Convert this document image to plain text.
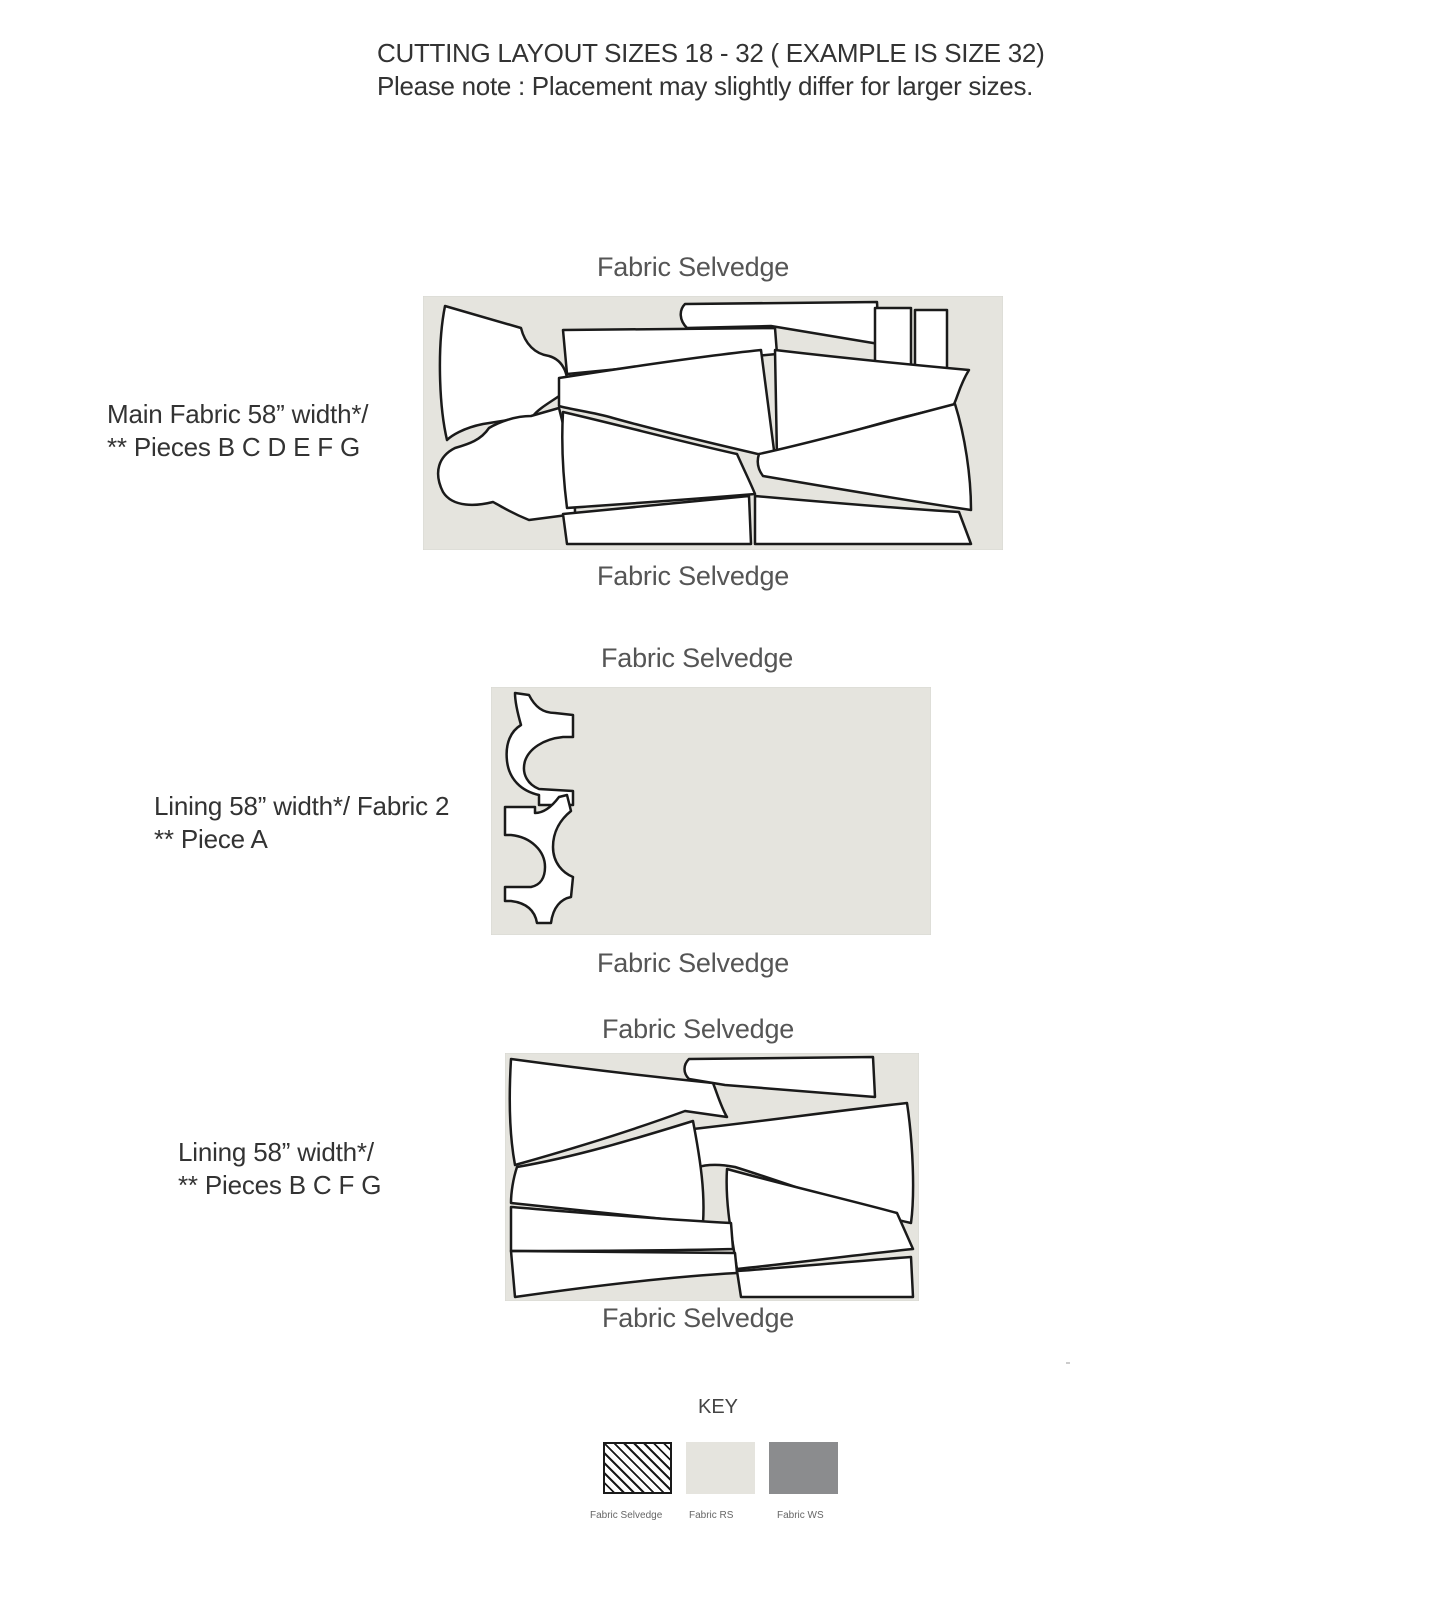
CUTTING LAYOUT SIZES 18 - 32 ( EXAMPLE IS SIZE 32)
Please note : Placement may slightly differ for larger sizes.
Fabric Selvedge
Main Fabric 58” width*/
** Pieces B C D E F G
Fabric Selvedge
Fabric Selvedge
Lining 58” width*/ Fabric 2
** Piece A
Fabric Selvedge
Fabric Selvedge
Lining 58” width*/
** Pieces B C F G
Fabric Selvedge
KEY
Fabric Selvedge	Fabric RS	Fabric WS
